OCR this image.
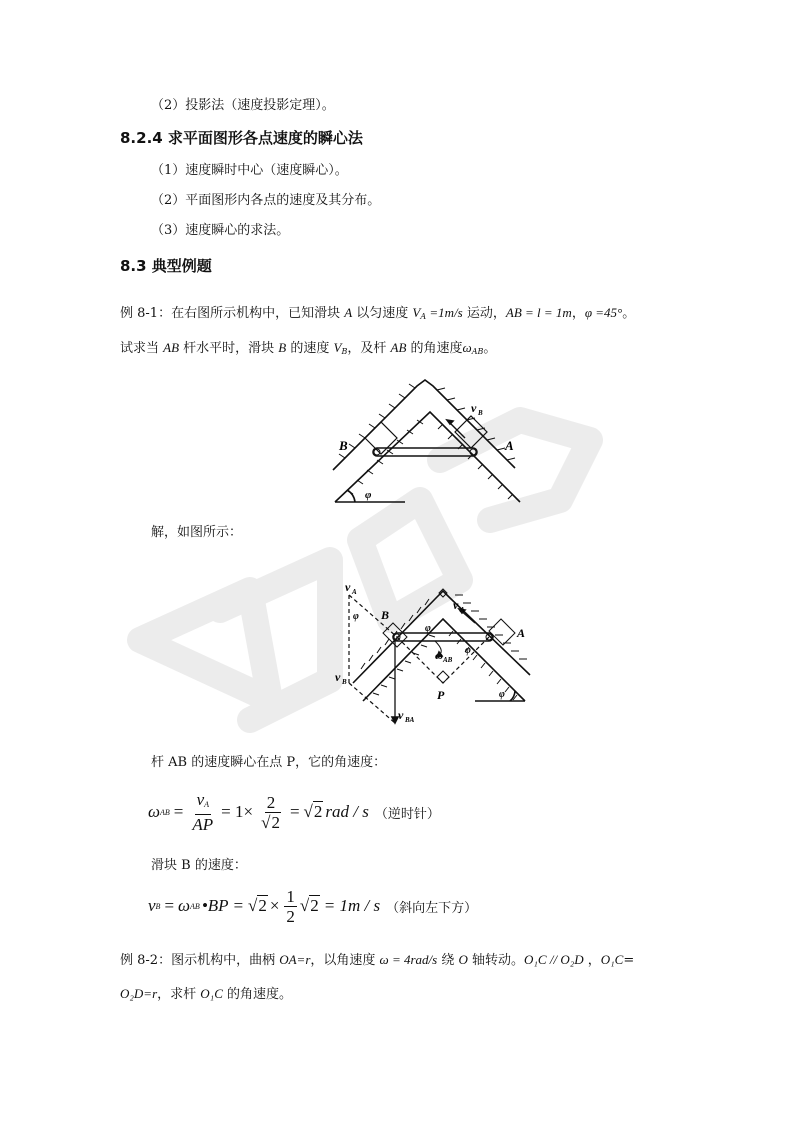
（2）投影法（速度投影定理）。
8.2.4 求平面图形各点速度的瞬心法
（1）速度瞬时中心（速度瞬心）。
（2）平面图形内各点的速度及其分布。
（3）速度瞬心的求法。
8.3 典型例题
例 8-1：在右图所示机构中，已知滑块 A 以匀速度 $V_A =1m/s$ 运动，AB = l = 1m，φ =45°。
试求当 AB 杆水平时，滑块 B 的速度 $V_B$，及杆 AB 的角速度$\omega_{AB}$。
B	A
v B
φ
解，如图所示：
v A
φ B
v A
φ
ω AB
φ
A
v B
P
v BA
φ
杆 AB 的速度瞬心在点 P，它的角速度：
ω AB = $\frac{v_A}{AP} = 1\times \frac{2}{√2} = √2$ rad / s （逆时针）
滑块 B 的速度：
v B = ω AB •BP = $√2 \times \frac{1}{2} √2 = 1m / s$ （斜向左下方）
例 8-2：图示机构中，曲柄 OA=r，以角速度 ω = 4rad/s 绕 O 轴转动。O₁C // O₂D ，O₁C=
O₂D=r，求杆 O₁C 的角速度。
